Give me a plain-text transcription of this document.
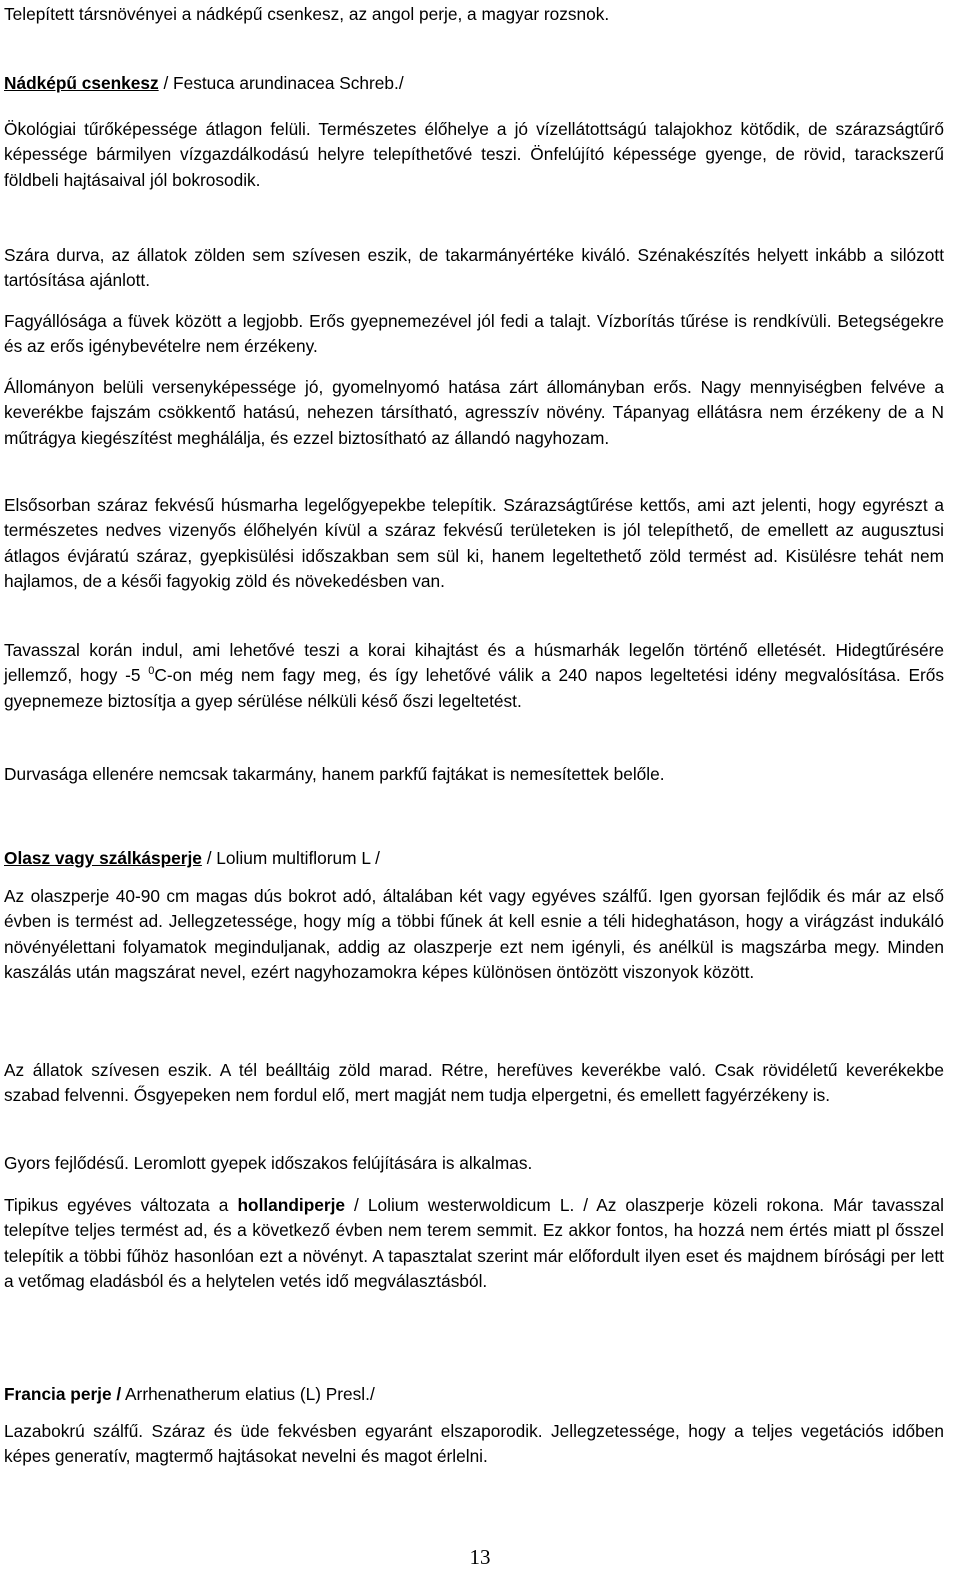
Telepített társnövényei a nádképű csenkesz, az angol perje, a magyar rozsnok.

Nádképű csenkesz / Festuca arundinacea Schreb./

Ökológiai tűrőképessége átlagon felüli. Természetes élőhelye a jó vízellátottságú talajokhoz kötődik, de szárazságtűrő képessége bármilyen vízgazdálkodású helyre telepíthetővé teszi. Önfelújító képessége gyenge, de rövid, tarackszerű földbeli hajtásaival jól bokrosodik.

Szára durva, az állatok zölden sem szívesen eszik, de takarmányértéke kiváló. Szénakészítés helyett inkább a silózott tartósítása ajánlott.

Fagyállósága a füvek között a legjobb. Erős gyepnemezével jól fedi a talajt. Vízborítás tűrése is rendkívüli. Betegségekre és az erős igénybevételre nem érzékeny.

Állományon belüli versenyképessége jó, gyomelnyomó hatása zárt állományban erős. Nagy mennyiségben felvéve a keverékbe fajszám csökkentő hatású, nehezen társítható, agresszív növény. Tápanyag ellátásra nem érzékeny de a N műtrágya kiegészítést meghálálja, és ezzel biztosítható az állandó nagyhozam.

Elsősorban száraz fekvésű húsmarha legelőgyepekbe telepítik. Szárazságtűrése kettős, ami azt jelenti, hogy egyrészt a természetes nedves vizenyős élőhelyén kívül a száraz fekvésű területeken is jól telepíthető, de emellett az augusztusi átlagos évjáratú száraz, gyepkisülési időszakban sem sül ki, hanem legeltethető zöld termést ad. Kisülésre tehát nem hajlamos, de a késői fagyokig zöld és növekedésben van.

Tavasszal korán indul, ami lehetővé teszi a korai kihajtást és a húsmarhák legelőn történő elletését. Hidegtűrésére jellemző, hogy -5 $^0$C-on még nem fagy meg, és így lehetővé válik a 240 napos legeltetési idény megvalósítása. Erős gyepnemeze biztosítja a gyep sérülése nélküli késő őszi legeltetést.

Durvasága ellenére nemcsak takarmány, hanem parkfű fajtákat is nemesítettek belőle.

Olasz vagy szálkásperje / Lolium multiflorum L /

Az olaszperje 40-90 cm magas dús bokrot adó, általában két vagy egyéves szálfű. Igen gyorsan fejlődik és már az első évben is termést ad. Jellegzetessége, hogy míg a többi fűnek át kell esnie a téli hideghatáson, hogy a virágzást indukáló növényélettani folyamatok meginduljanak, addig az olaszperje ezt nem igényli, és anélkül is magszárba megy. Minden kaszálás után magszárat nevel, ezért nagyhozamokra képes különösen öntözött viszonyok között.

Az állatok szívesen eszik. A tél beálltáig zöld marad. Rétre, herefüves keverékbe való. Csak rövidéletű keverékekbe szabad felvenni. Ősgyepeken nem fordul elő, mert magját nem tudja elpergetni, és emellett fagyérzékeny is.

Gyors fejlődésű. Leromlott gyepek időszakos felújítására is alkalmas.

Tipikus egyéves változata a hollandiperje / Lolium westerwoldicum L. / Az olaszperje közeli rokona. Már tavasszal telepítve teljes termést ad, és a következő évben nem terem semmit. Ez akkor fontos, ha hozzá nem értés miatt pl ősszel telepítik a többi fűhöz hasonlóan ezt a növényt. A tapasztalat szerint már előfordult ilyen eset és majdnem bírósági per lett a vetőmag eladásból és a helytelen vetés idő megválasztásból.

Francia perje / Arrhenatherum elatius (L) Presl./

Lazabokrú szálfű. Száraz és üde fekvésben egyaránt elszaporodik. Jellegzetessége, hogy a teljes vegetációs időben képes generatív, magtermő hajtásokat nevelni és magot érlelni.

13
